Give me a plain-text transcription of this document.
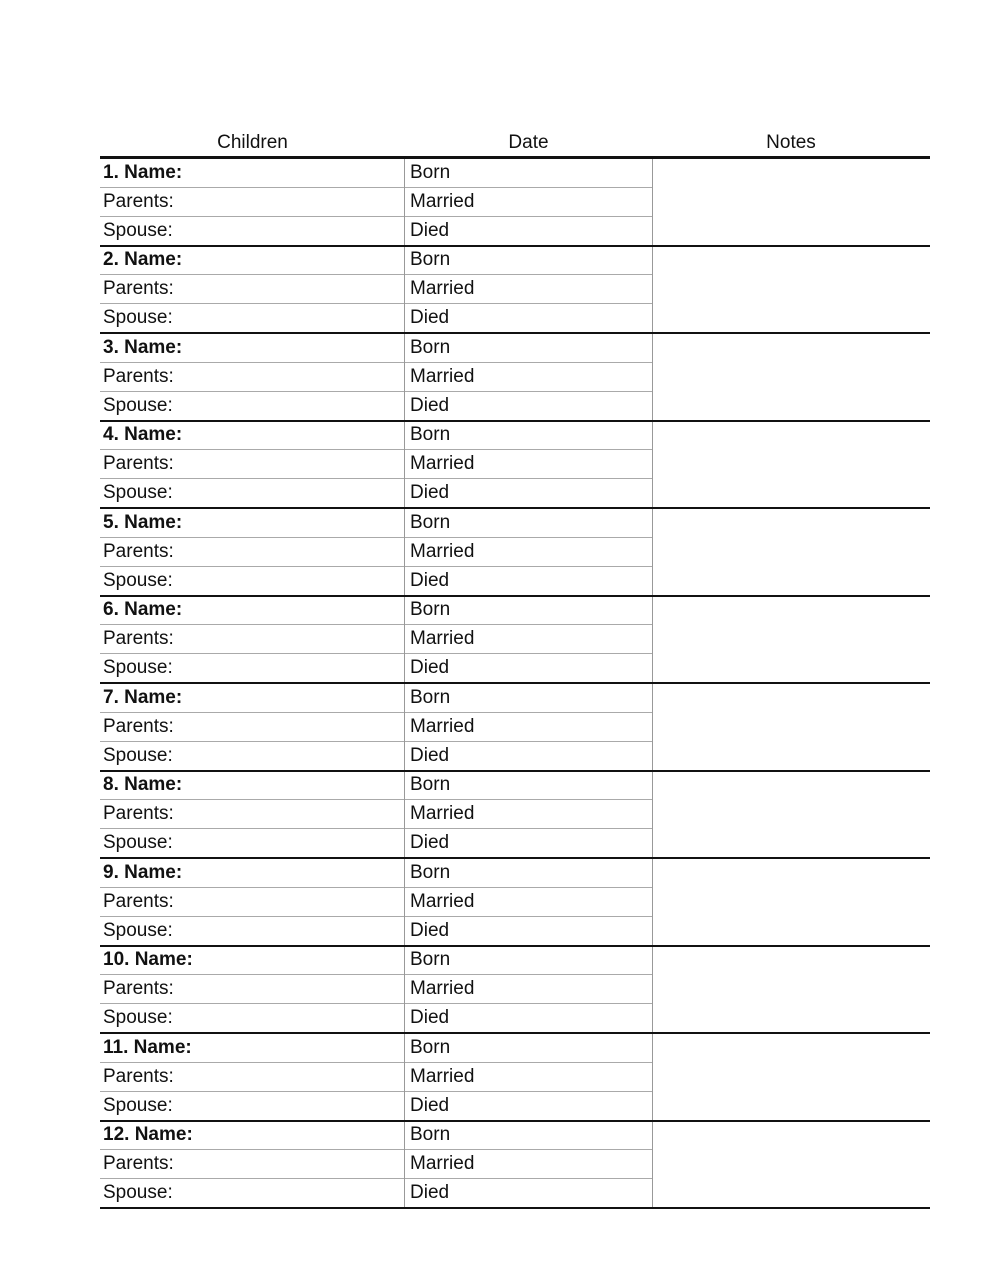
Children	Date	Notes
1. Name:
Parents:
Spouse:
Born
Married
Died
2. Name:
Parents:
Spouse:
Born
Married
Died
3. Name:
Parents:
Spouse:
Born
Married
Died
4. Name:
Parents:
Spouse:
Born
Married
Died
5. Name:
Parents:
Spouse:
Born
Married
Died
6. Name:
Parents:
Spouse:
Born
Married
Died
7. Name:
Parents:
Spouse:
Born
Married
Died
8. Name:
Parents:
Spouse:
Born
Married
Died
9. Name:
Parents:
Spouse:
Born
Married
Died
10. Name:
Parents:
Spouse:
Born
Married
Died
11. Name:
Parents:
Spouse:
Born
Married
Died
12. Name:
Parents:
Spouse:
Born
Married
Died
